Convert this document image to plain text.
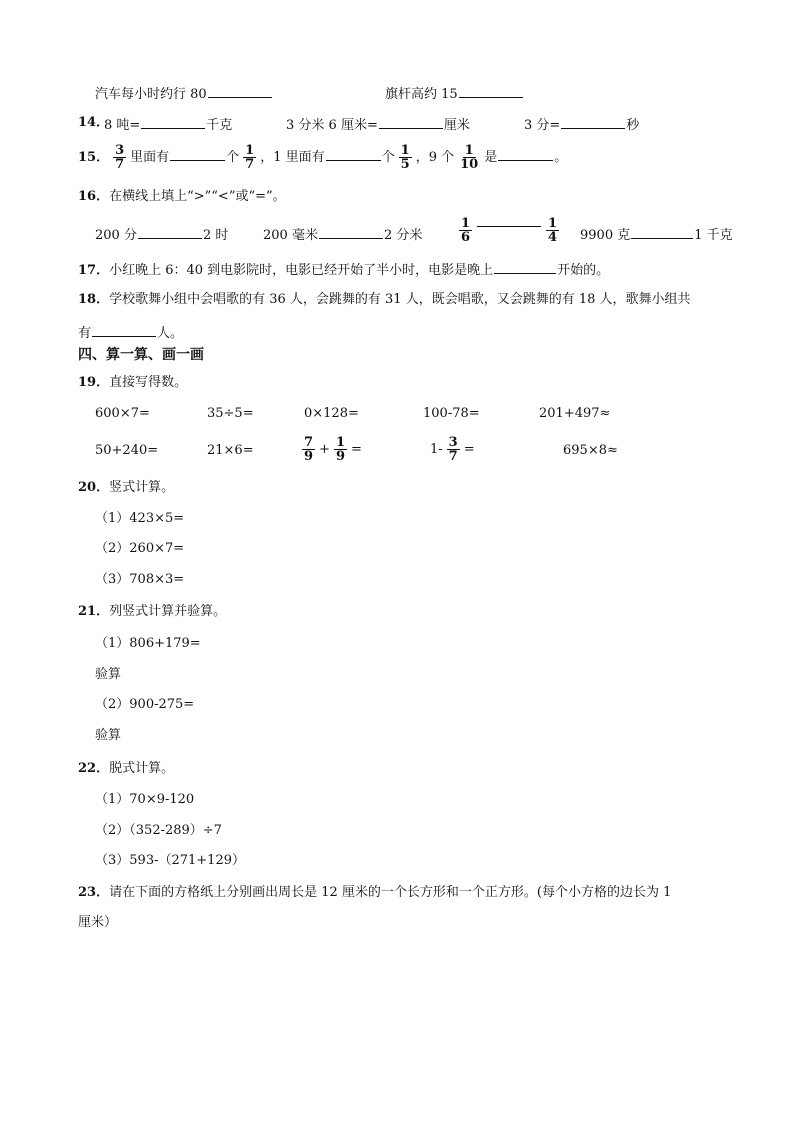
汽车每小时约行 80	旗杆高约 15
14．
8 吨=	千克	3 分米 6 厘米=	厘米	3 分=	秒
15． $\frac{3}{7}$ 里面有	个 $\frac{1}{7}$ ，1 里面有	个 $\frac{1}{5}$ ，9 个 $\frac{1}{10}$ 是	。
16．在横线上填上“>”“<”或“=”。
200 分	2 时	200 毫米	2 分米	$\frac{1}{6}$	$\frac{1}{4} 9900$ 克	1 千克
17．小红晚上 6：40 到电影院时，电影已经开始了半小时，电影是晚上	开始的。
18．学校歌舞小组中会唱歌的有 36 人，会跳舞的有 31 人，既会唱歌，又会跳舞的有 18 人，歌舞小组共
有	人。
四、算一算、画一画
19．直接写得数。
600×7=	35÷5=	0×128=	100-78=	201+497≈
50+240=	21×6=	$\frac{7}{9} + \frac{1}{9}$ =	$1- \frac{3}{7}$ =	695×8≈
20．竖式计算。
（1）423×5=
（2）260×7=
（3）708×3=
21．列竖式计算并验算。
（1）806+179=
验算
（2）900-275=
验算
22．脱式计算。
（1）70×9-120
（2）（352-289）÷7
（3）593-（271+129）
23．请在下面的方格纸上分别画出周长是 12 厘米的一个长方形和一个正方形。(每个小方格的边长为 1
厘米）
